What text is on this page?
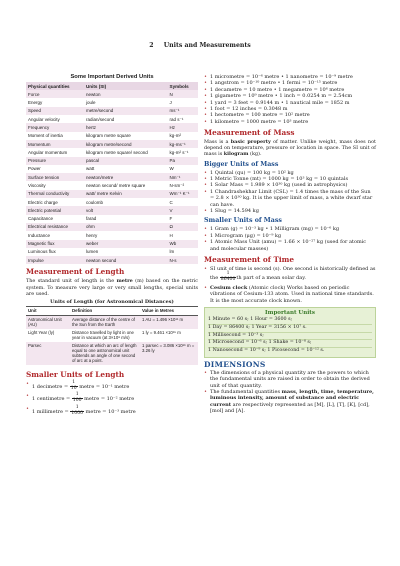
2 Units and Measurements
Some Important Derived Units
Physical quantities	Units (SI)	Symbols
Force	newton	N
Energy	joule	J
Speed	metre/second	ms⁻¹
Angular velocity	radian/second	rad s⁻¹
Frequency	hertz	Hz
Moment of inertia	kilogram metre square	kg-m²
Momentum	kilogram metre/second	kg-ms⁻¹
Angular momentum	kilogram metre square/ second	kg-m² s⁻¹
Pressure	pascal	Pa
Power	watt	W
Surface tension	newton/metre	Nm⁻¹
Viscosity	newton second/ metre square	N-sm⁻²
Thermal conductivity	watt/ metre Kelvin	Wm⁻¹ K⁻¹
Electric charge	coulomb	C
Electric potential	volt	V
Capacitance	farad	F
Electrical resistance	ohm	Ω
Inductance	henry	H
Magnetic flux	weber	Wb
Luminous flux	lumen	lm
Impulse	newton second	N-s
Measurement of Length
The standard unit of length is the metre (m) based on the metric system. To measure very large or very small lengths, special units are used.
Units of Length (for Astronomical Distances)
Unit	Definition	Value in Metres
Astronomical Unit (AU)	Average distance of the centre of the Sun from the Earth	1 AU = 1.496 ×10¹¹ m
Light Year (ly)	Distance travelled by light in one year in vacuum (at 3×10⁸ m/s)	1 ly = 9.461 ×10¹⁵ m
Parsec	Distance at which an arc of length equal to one astronomical unit subtends an angle of one second of arc at a point.	1 parsec = 3.086 ×10¹⁶ m = 3.26 ly
Smaller Units of Length
• 1 decimetre = $\frac{1}{10}$ metre = 10⁻¹ metre
• 1 centimetre = $\frac{1}{100}$ metre = 10⁻² metre
• 1 millimetre = $\frac{1}{1000}$ metre = 10⁻³ metre
• 1 micrometre = 10⁻⁶ metre • 1 nanometre = 10⁻⁹ metre
• 1 angstrom = 10⁻¹⁰ metre • 1 fermi = 10⁻¹⁵ metre
• 1 decametre = 10 metre • 1 megametre = 10⁶ metre
• 1 gigametre = 10⁹ metre • 1 inch = 0.0254 m = 2.54cm
• 1 yard = 3 feet = 0.9144 m • 1 nautical mile = 1852 m
• 1 foot = 12 inches = 0.3048 m
• 1 hectometre = 100 metre = 10² metre
• 1 kilometre = 1000 metre = 10³ metre
Measurement of Mass
Mass is a basic property of matter. Unlike weight, mass does not depend on temperature, pressure or location in space. The SI unit of mass is kilogram (kg).
Bigger Units of Mass
• 1 Quintal (qu) = 100 kg = 10² kg
• 1 Metric Tonne (mt) = 1000 kg = 10³ kg = 10 quintals
• 1 Solar Mass = 1.989 × 10³⁰ kg (used in astrophysics)
• 1 Chandrashekhar Limit (CSL) = 1.4 times the mass of the Sun = 2.8 × 10³⁰ kg. It is the upper limit of mass, a white dwarf star can have.
• 1 Slug = 14.594 kg
Smaller Units of Mass
• 1 Gram (g) = 10⁻³ kg • 1 Milligram (mg) = 10⁻⁶ kg
• 1 Microgram (μg) = 10⁻⁹ kg
• 1 Atomic Mass Unit (amu) = 1.66 × 10⁻²⁷ kg (used for atomic and molecular masses)
Measurement of Time
• SI unit of time is second (s). One second is historically defined as the $\frac{1}{86400}$ th part of a mean solar day.
• Cesium clock (Atomic clock) Works based on periodic vibrations of Cesium-133 atom. Used in national time standards. It is the most accurate clock known.
Important Units
1 Minute = 60 s; 1 Hour = 3600 s;
1 Day = 86400 s; 1 Year = 3156 × 10⁷ s.
1 Millisecond = 10⁻³ s;
1 Microsecond = 10⁻⁶ s; 1 Shake = 10⁻⁸ s;
1 Nanosecond = 10⁻⁹ s; 1 Picosecond = 10⁻¹² s.
DIMENSIONS
• The dimensions of a physical quantity are the powers to which the fundamental units are raised in order to obtain the derived unit of that quantity.
• The fundamental quantities mass, length, time, temperature, luminous intensity, amount of substance and electric current are respectively represented as [M], [L], [T], [K], [cd], [mol] and [A].
